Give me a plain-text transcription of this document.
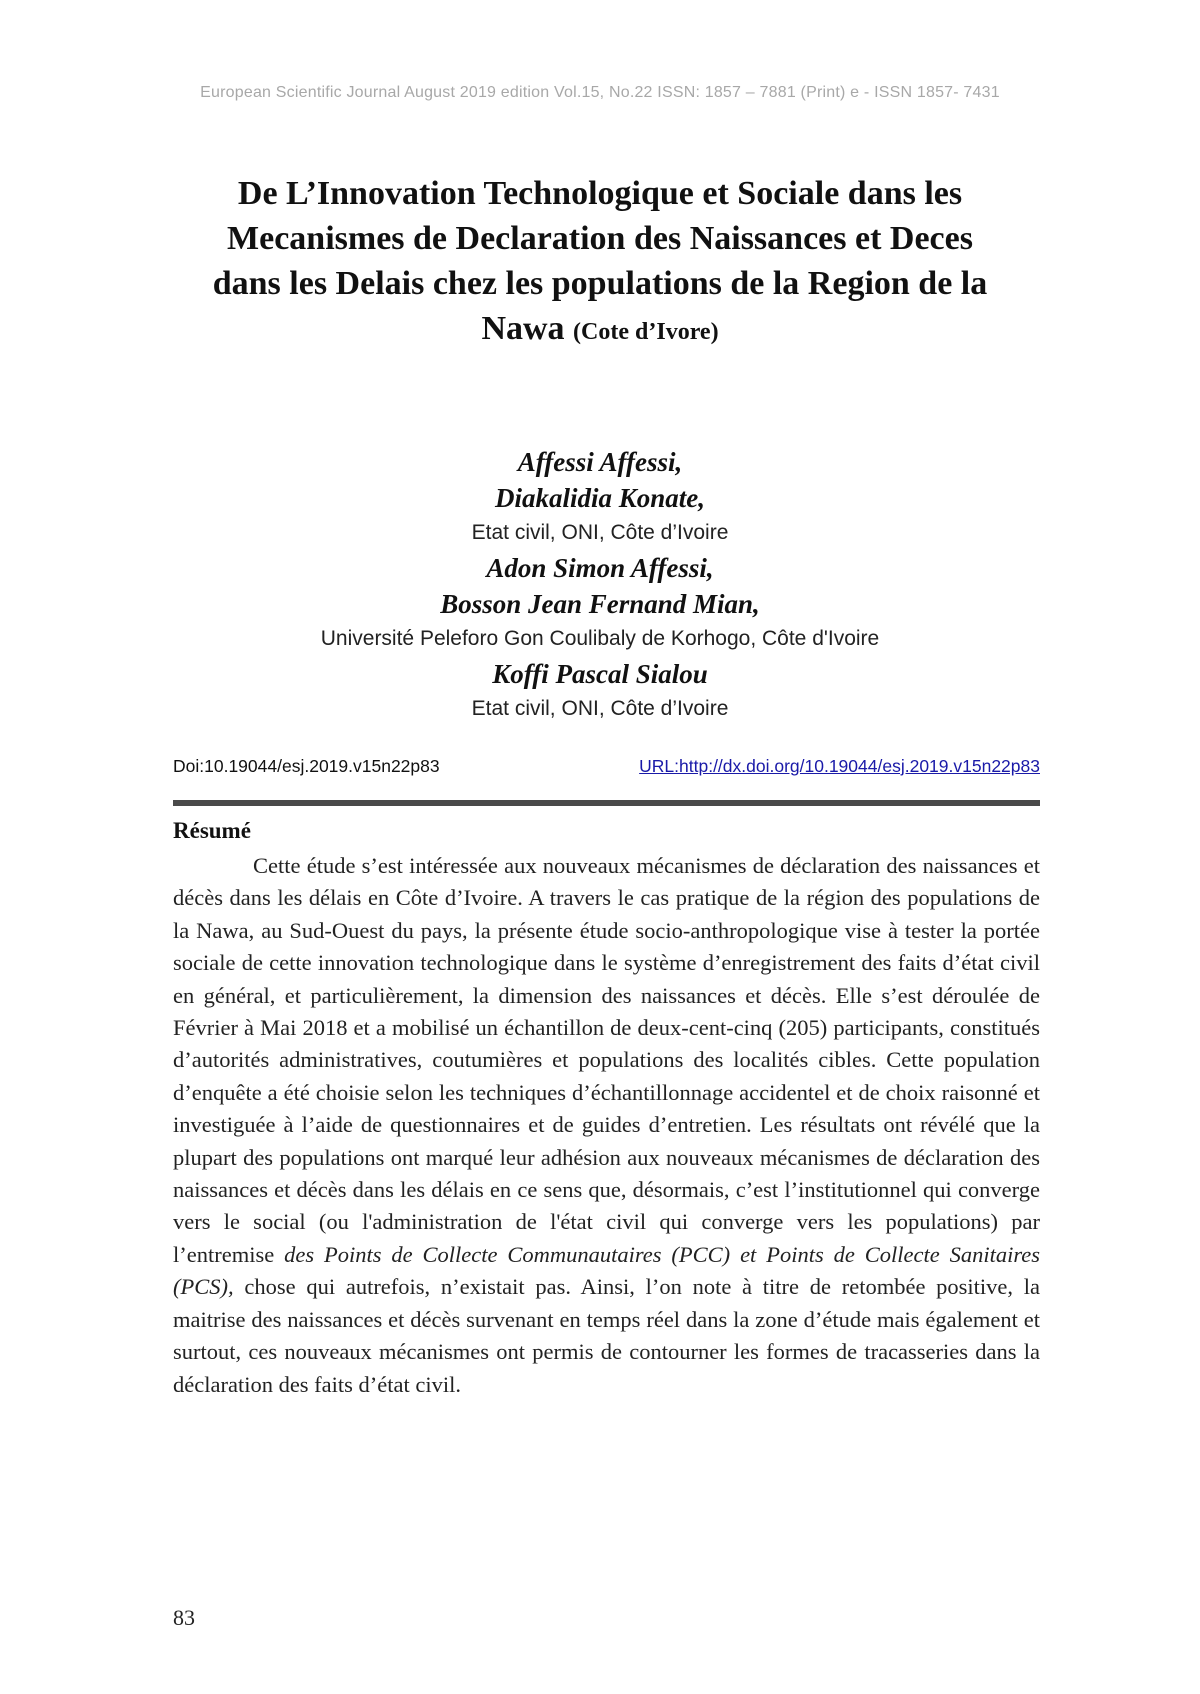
European Scientific Journal August 2019 edition Vol.15, No.22 ISSN: 1857 – 7881 (Print) e - ISSN 1857- 7431
De L’Innovation Technologique et Sociale dans les
Mecanismes de Declaration des Naissances et Deces
dans les Delais chez les populations de la Region de la
Nawa (Cote d’Ivore)
Affessi Affessi,
Diakalidia Konate,
Etat civil, ONI, Côte d’Ivoire
Adon Simon Affessi,
Bosson Jean Fernand Mian,
Université Peleforo Gon Coulibaly de Korhogo, Côte d'Ivoire
Koffi Pascal Sialou
Etat civil, ONI, Côte d’Ivoire
Doi:10.19044/esj.2019.v15n22p83	URL:http://dx.doi.org/10.19044/esj.2019.v15n22p83
Résumé

Cette étude s’est intéressée aux nouveaux mécanismes de déclaration des naissances et décès dans les délais en Côte d’Ivoire. A travers le cas pratique de la région des populations de la Nawa, au Sud-Ouest du pays, la présente étude socio-anthropologique vise à tester la portée sociale de cette innovation technologique dans le système d’enregistrement des faits d’état civil en général, et particulièrement, la dimension des naissances et décès. Elle s’est déroulée de Février à Mai 2018 et a mobilisé un échantillon de deux-cent-cinq (205) participants, constitués d’autorités administratives, coutumières et populations des localités cibles. Cette population d’enquête a été choisie selon les techniques d’échantillonnage accidentel et de choix raisonné et investiguée à l’aide de questionnaires et de guides d’entretien. Les résultats ont révélé que la plupart des populations ont marqué leur adhésion aux nouveaux mécanismes de déclaration des naissances et décès dans les délais en ce sens que, désormais, c’est l’institutionnel qui converge vers le social (ou l'administration de l'état civil qui converge vers les populations) par l’entremise des Points de Collecte Communautaires (PCC) et Points de Collecte Sanitaires (PCS), chose qui autrefois, n’existait pas. Ainsi, l’on note à titre de retombée positive, la maitrise des naissances et décès survenant en temps réel dans la zone d’étude mais également et surtout, ces nouveaux mécanismes ont permis de contourner les formes de tracasseries dans la déclaration des faits d’état civil.

83
